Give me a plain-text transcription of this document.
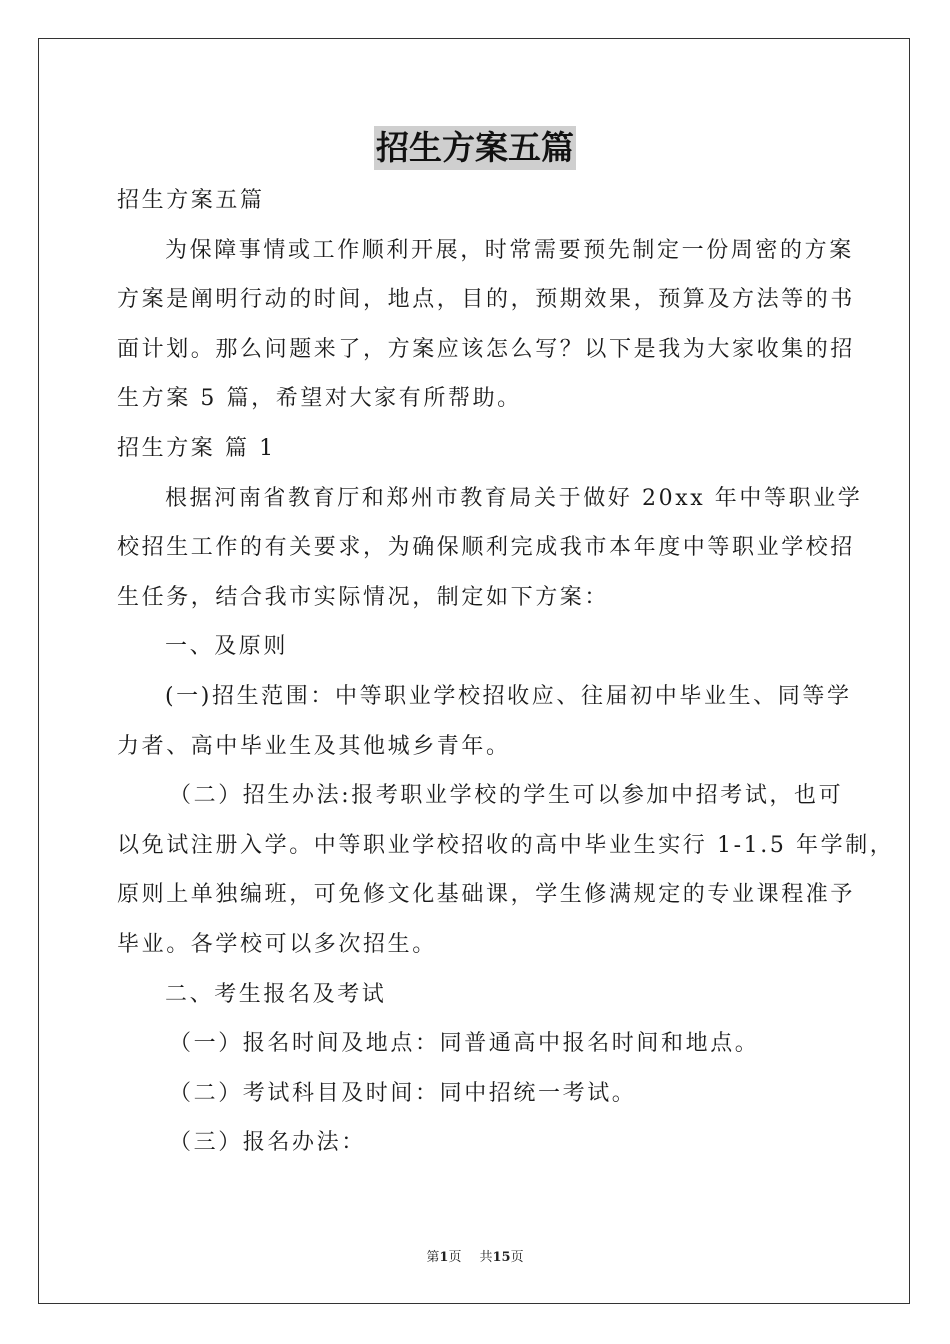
招生方案五篇
招生方案五篇
为保障事情或工作顺利开展，时常需要预先制定一份周密的方案
方案是阐明行动的时间，地点，目的，预期效果，预算及方法等的书
面计划。那么问题来了，方案应该怎么写？以下是我为大家收集的招
生方案 5 篇，希望对大家有所帮助。
招生方案 篇 1
根据河南省教育厅和郑州市教育局关于做好 20xx 年中等职业学
校招生工作的有关要求，为确保顺利完成我市本年度中等职业学校招
生任务，结合我市实际情况，制定如下方案：
一、及原则
(一)招生范围：中等职业学校招收应、往届初中毕业生、同等学
力者、高中毕业生及其他城乡青年。
（二）招生办法:报考职业学校的学生可以参加中招考试，也可
以免试注册入学。中等职业学校招收的高中毕业生实行 1-1.5 年学制，
原则上单独编班，可免修文化基础课，学生修满规定的专业课程准予
毕业。各学校可以多次招生。
二、考生报名及考试
（一）报名时间及地点：同普通高中报名时间和地点。
（二）考试科目及时间：同中招统一考试。
（三）报名办法：
第1页 共15页
